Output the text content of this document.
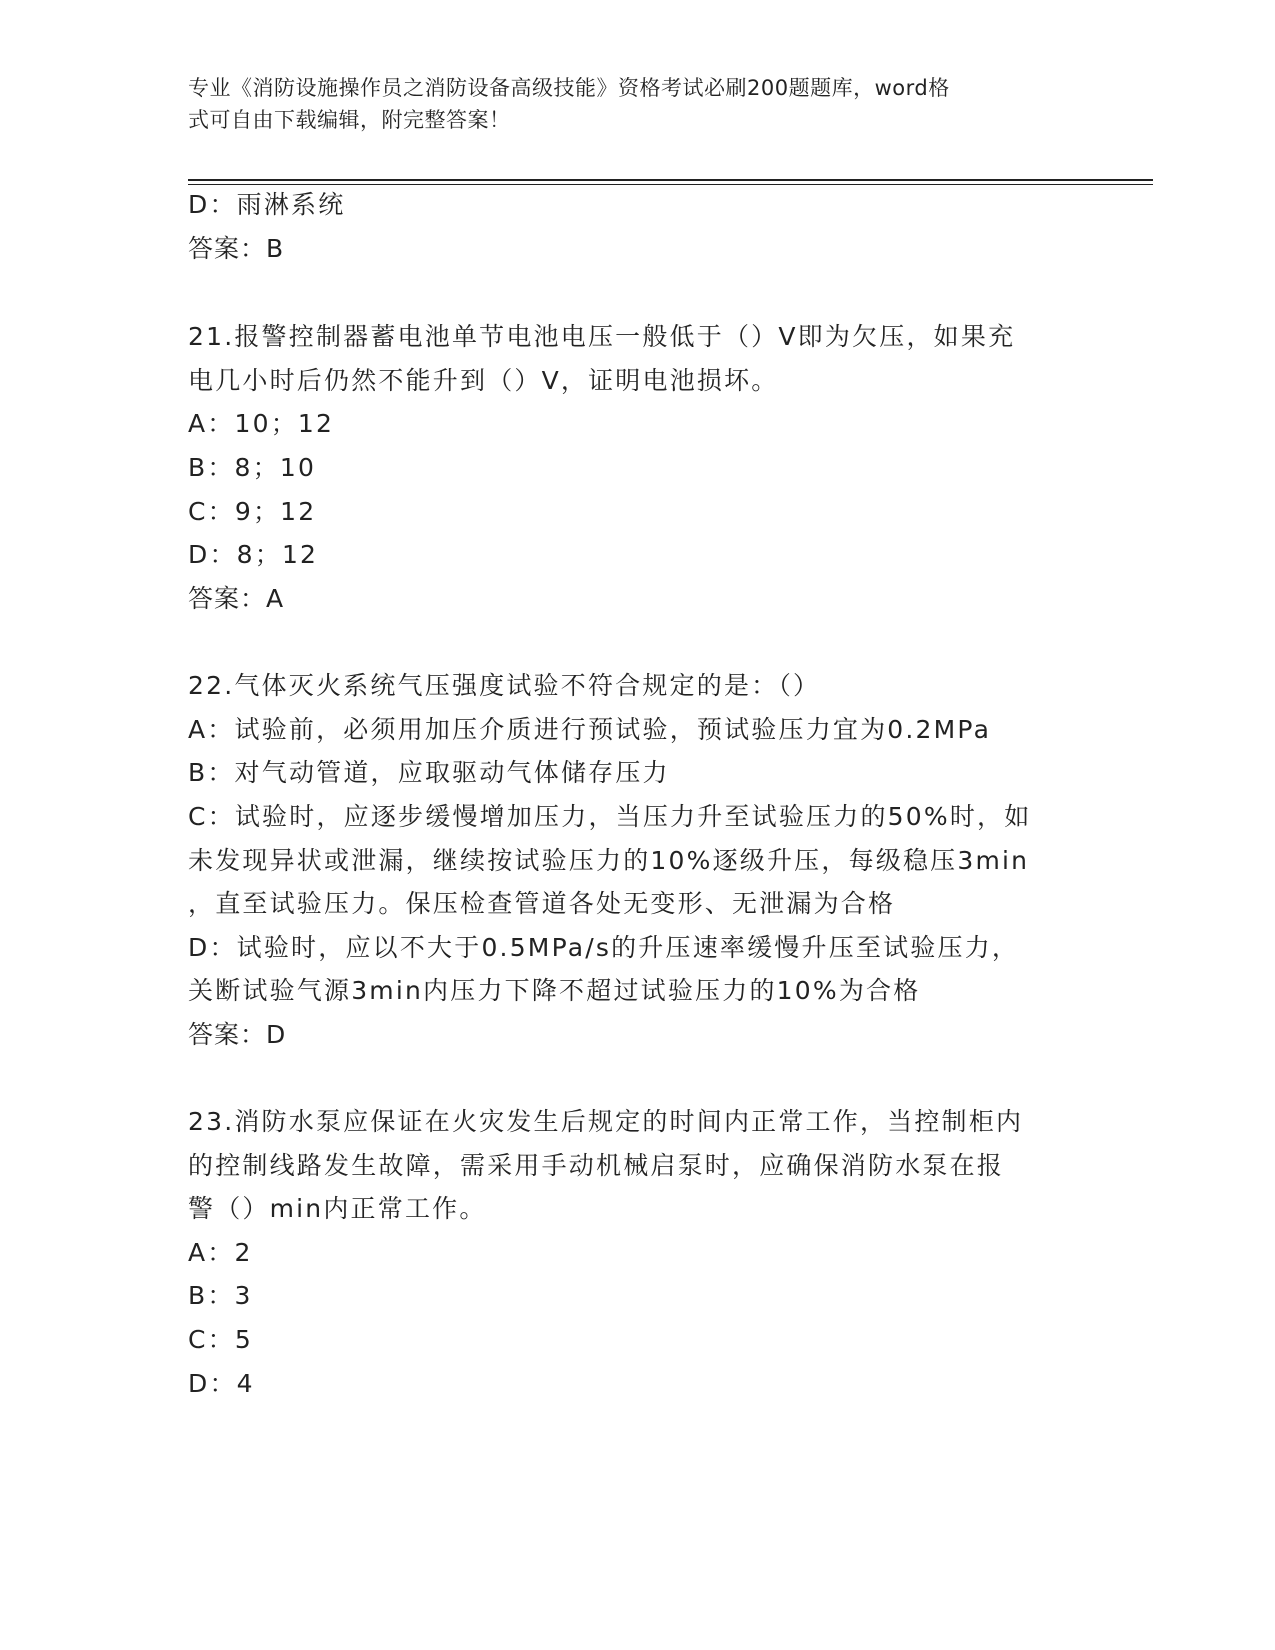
专业《消防设施操作员之消防设备高级技能》资格考试必刷200题题库，word格
式可自由下载编辑，附完整答案！
D：雨淋系统
答案：B
21.报警控制器蓄电池单节电池电压一般低于（）V即为欠压，如果充
电几小时后仍然不能升到（）V，证明电池损坏。
A：10；12
B：8；10
C：9；12
D：8；12
答案：A
22.气体灭火系统气压强度试验不符合规定的是：（）
A：试验前，必须用加压介质进行预试验，预试验压力宜为0.2MPa
B：对气动管道，应取驱动气体储存压力
C：试验时，应逐步缓慢增加压力，当压力升至试验压力的50%时，如
未发现异状或泄漏，继续按试验压力的10%逐级升压，每级稳压3min
，直至试验压力。保压检查管道各处无变形、无泄漏为合格
D：试验时，应以不大于0.5MPa/s的升压速率缓慢升压至试验压力，
关断试验气源3min内压力下降不超过试验压力的10%为合格
答案：D
23.消防水泵应保证在火灾发生后规定的时间内正常工作，当控制柜内
的控制线路发生故障，需采用手动机械启泵时，应确保消防水泵在报
警（）min内正常工作。
A：2
B：3
C：5
D：4
